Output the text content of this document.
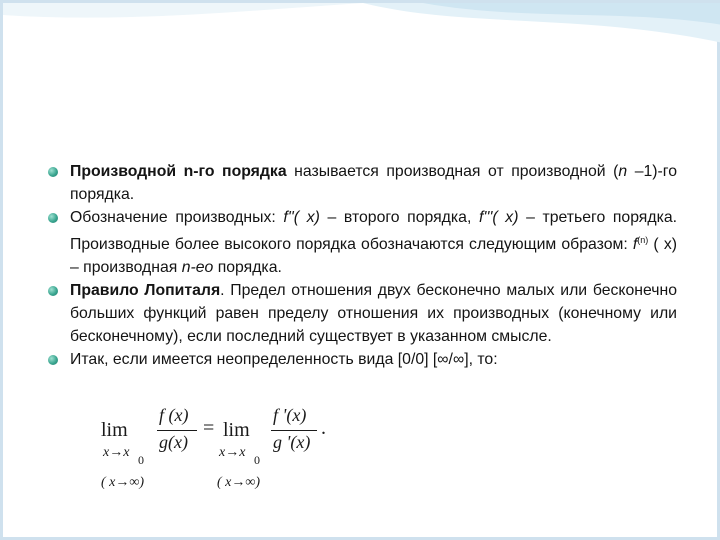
Производной n-го порядка называется производная от производной (n –1)-го порядка.
Обозначение производных: f''( x) – второго порядка, f'''( x) – третьего порядка. Производные более высокого порядка обозначаются следующим образом: $f^{(n)}$ ( x) – производная n-ео порядка.
Правило Лопиталя. Предел отношения двух бесконечно малых или бесконечно больших функций равен пределу отношения их производных (конечному или бесконечному), если последний существует в указанном смысле.
Итак, если имеется неопределенность вида [0/0] [∞/∞], то:
lim
f (x)
g(x)
= lim
f '(x)
g '(x)
.
x→x 0	x→x 0
( x→∞)	( x→∞)
